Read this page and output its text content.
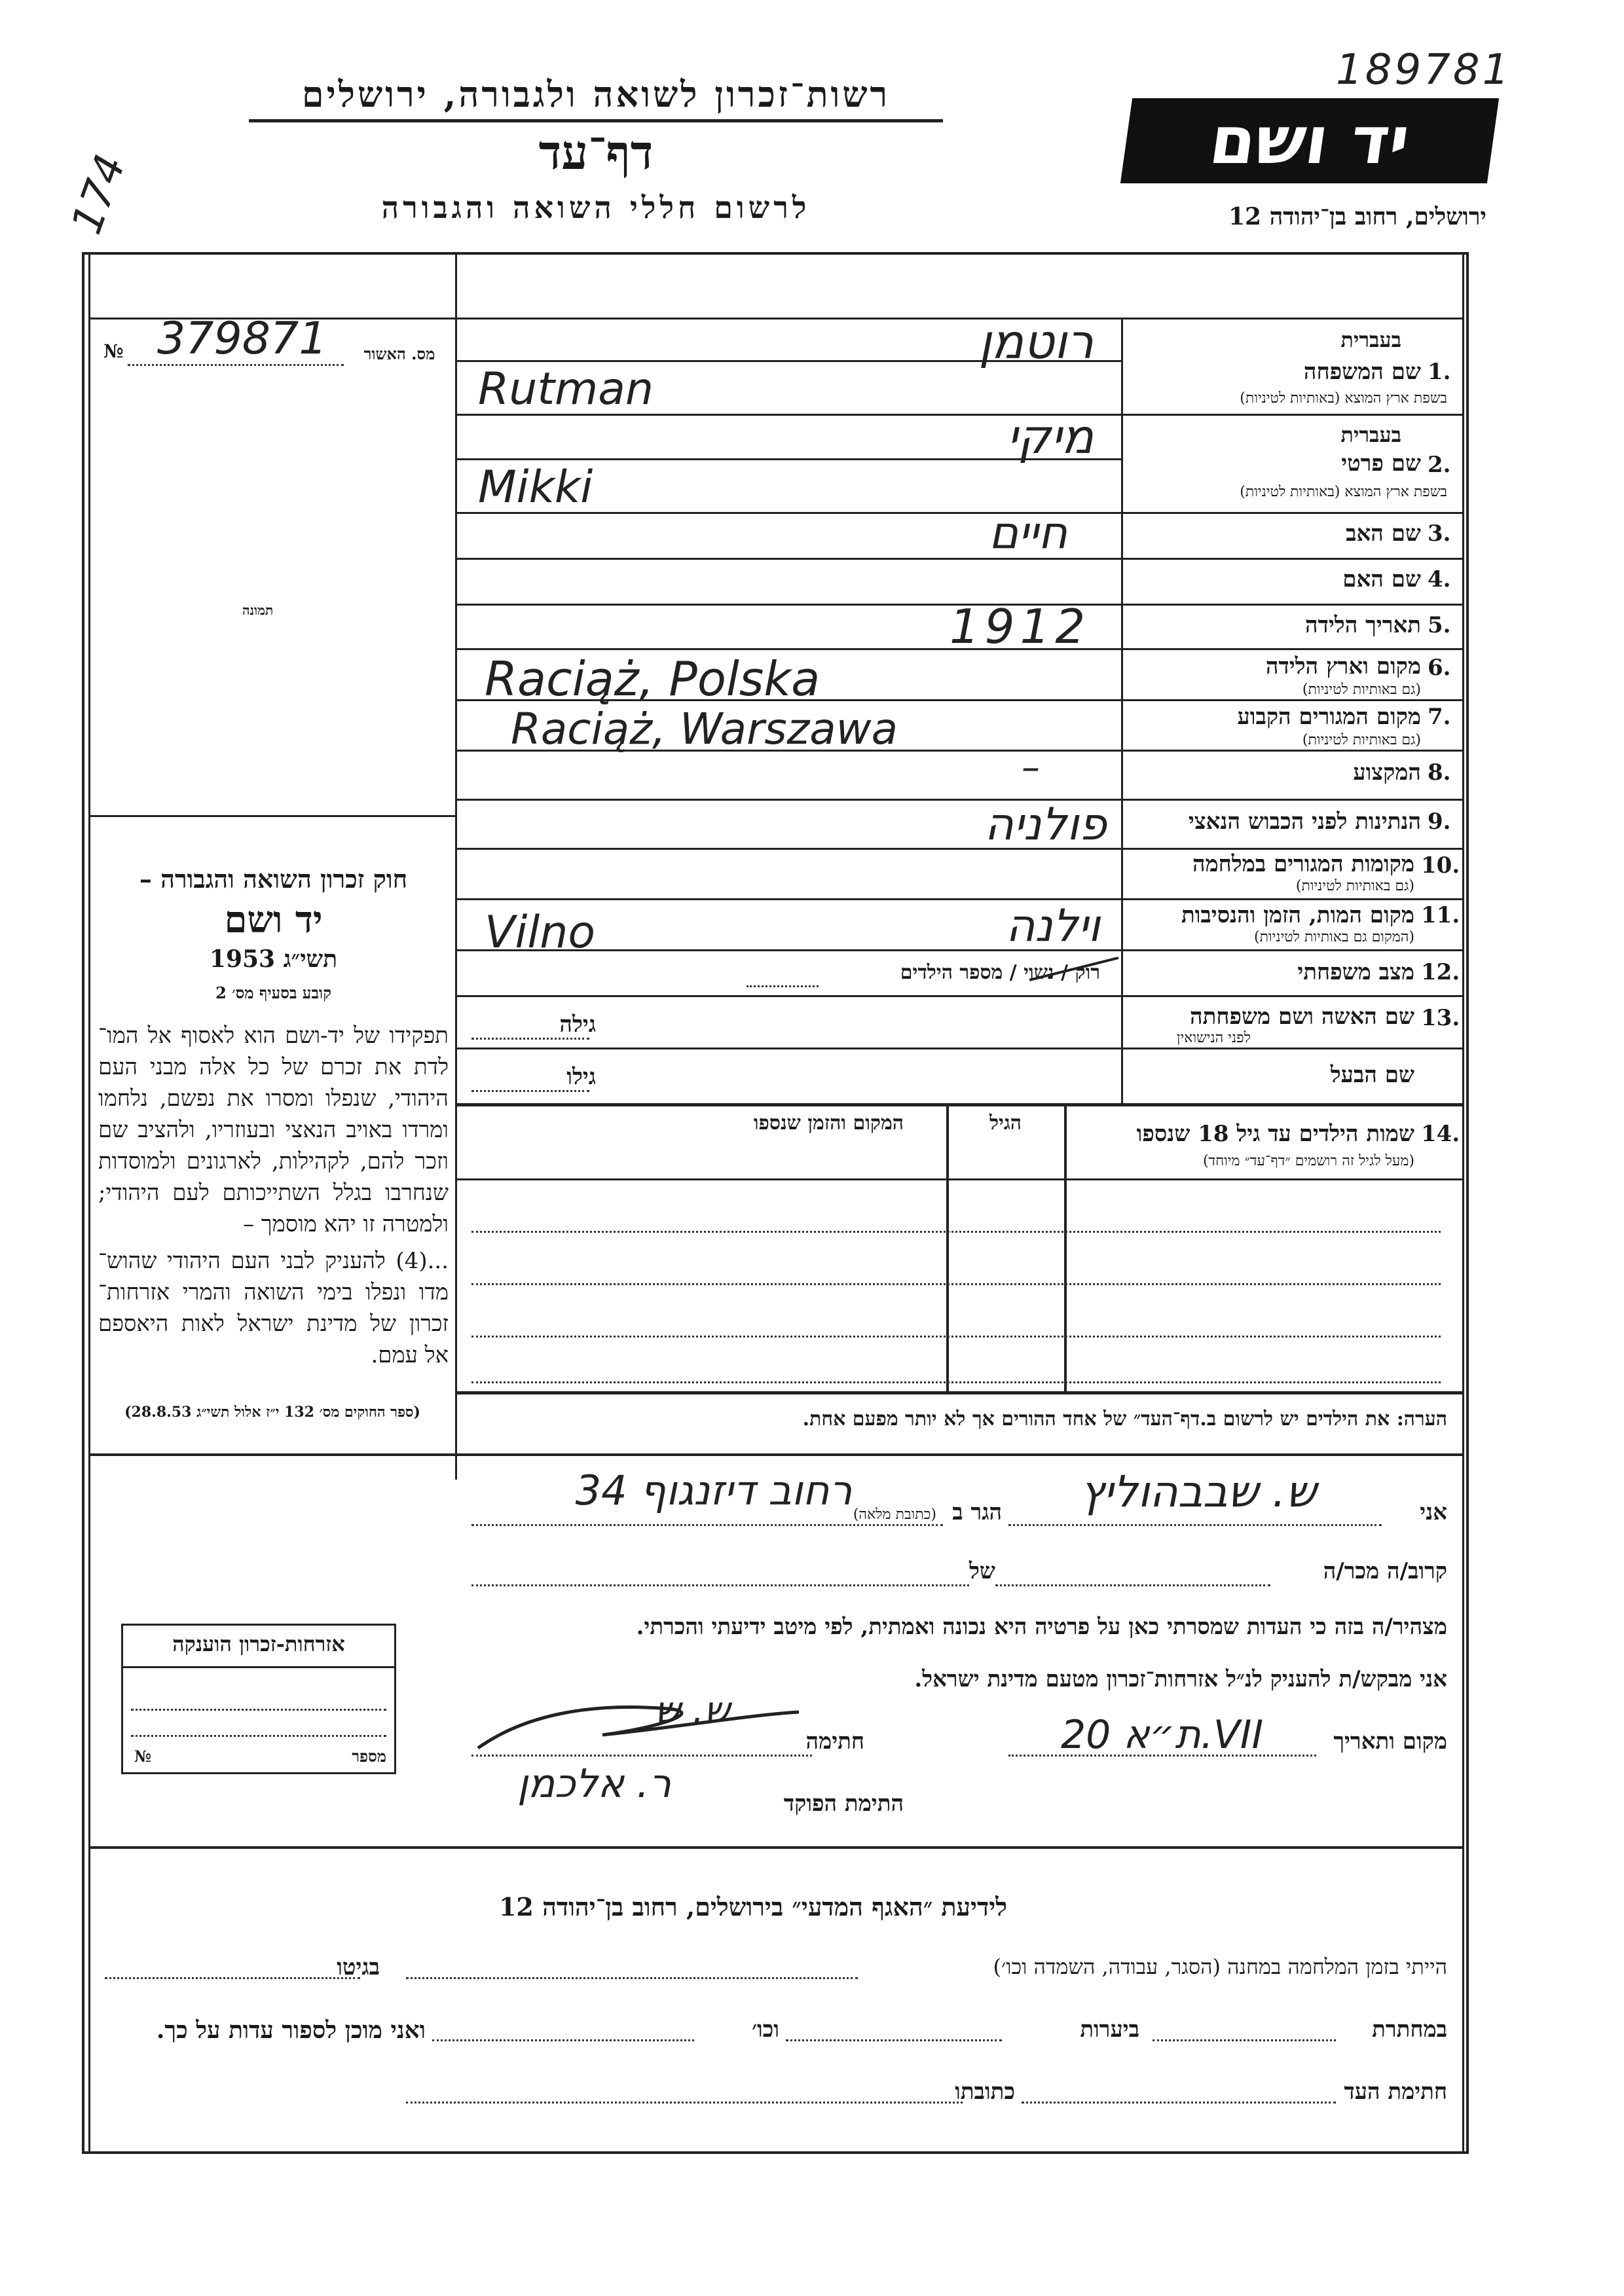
רשות־זכרון לשואה ולגבורה, ירושלים
דף־עד
לרשום חללי השואה והגבורה
יד ושם
ירושלים, רחוב בן־יהודה 12
189781
174
№ 379871	מס. האשור
תמונה
חוק זכרון השואה והגבורה –
יד ושם
תשי״ג 1953
קובע בסעיף מס׳ 2
תפקידו של יד-ושם הוא לאסוף אל המו־ לדת את זכרם של כל אלה מבני העם היהודי, שנפלו ומסרו את נפשם, נלחמו ומרדו באויב הנאצי ובעוזריו, ולהציב שם וזכר להם, לקהילות, לארגונים ולמוסדות שנחרבו בגלל השתייכותם לעם היהודי; ולמטרה זו יהא מוסמך –
...(4) להעניק לבני העם היהודי שהוש־ מדו ונפלו בימי השואה והמרי אזרחות־ זכרון של מדינת ישראל לאות היאספם אל עמם.
(ספר החוקים מס׳ 132 י״ז אלול תשי״ג 28.8.53)
בעברית
1.
שם המשפחה
בשפת ארץ המוצא (באותיות לטיניות)
רוטמן
Rutman
בעברית
2.
שם פרטי
בשפת ארץ המוצא (באותיות לטיניות)
מיקי
Mikki
3.
שם האב
חיים
4.
שם האם
5.
תאריך הלידה
1912
6.
מקום וארץ הלידה
(גם באותיות לטיניות)
Raciąż, Polska
7.
מקום המגורים הקבוע
(גם באותיות לטיניות)
Raciąż, Warszawa
8.
המקצוע
–
9.
הנתינות לפני הכבוש הנאצי
פולניה
10.
מקומות המגורים במלחמה
(גם באותיות לטיניות)
11.
מקום המות, הזמן והנסיבות
(המקום גם באותיות לטיניות)
וילנה
Vilno
12.
מצב משפחתי
רוק / נשוי / מספר הילדים
13.
שם האשה ושם משפחתה
לפני הנישואין
גילה
שם הבעל
גילו
14.
שמות הילדים עד גיל 18 שנספו
(מעל לגיל זה רושמים ״דף־עד״ מיוחד)
הגיל
המקום והזמן שנספו
הערה: את הילדים יש לרשום ב.דף־העד״ של אחד ההורים אך לא יותר מפעם אחת.
אני
ש. שבבהוליץ
הגר ב
(כתובת מלאה)
רחוב דיזנגוף 34
קרוב/ה מכר/ה
של
מצהיר/ה בזה כי העדות שמסרתי כאן על פרטיה היא נכונה ואמתית, לפי מיטב ידיעתי והכרתי.
אני מבקש/ת להעניק לנ״ל אזרחות־זכרון מטעם מדינת ישראל.
מקום ותאריך
ת״א 20.VII
חתימה
ש. ש
התימת הפוקד
ר. אלכמן
אזרחות-זכרון הוענקה
№	מספר
לידיעת ״האגף המדעי״ בירושלים, רחוב בן־יהודה 12
הייתי בזמן המלחמה במחנה (הסגר, עבודה, השמדה וכו׳)
בגיטו
במחתרת
ביערות
וכו׳
ואני מוכן לספור עדות על כך.
חתימת העד
כתובתו
